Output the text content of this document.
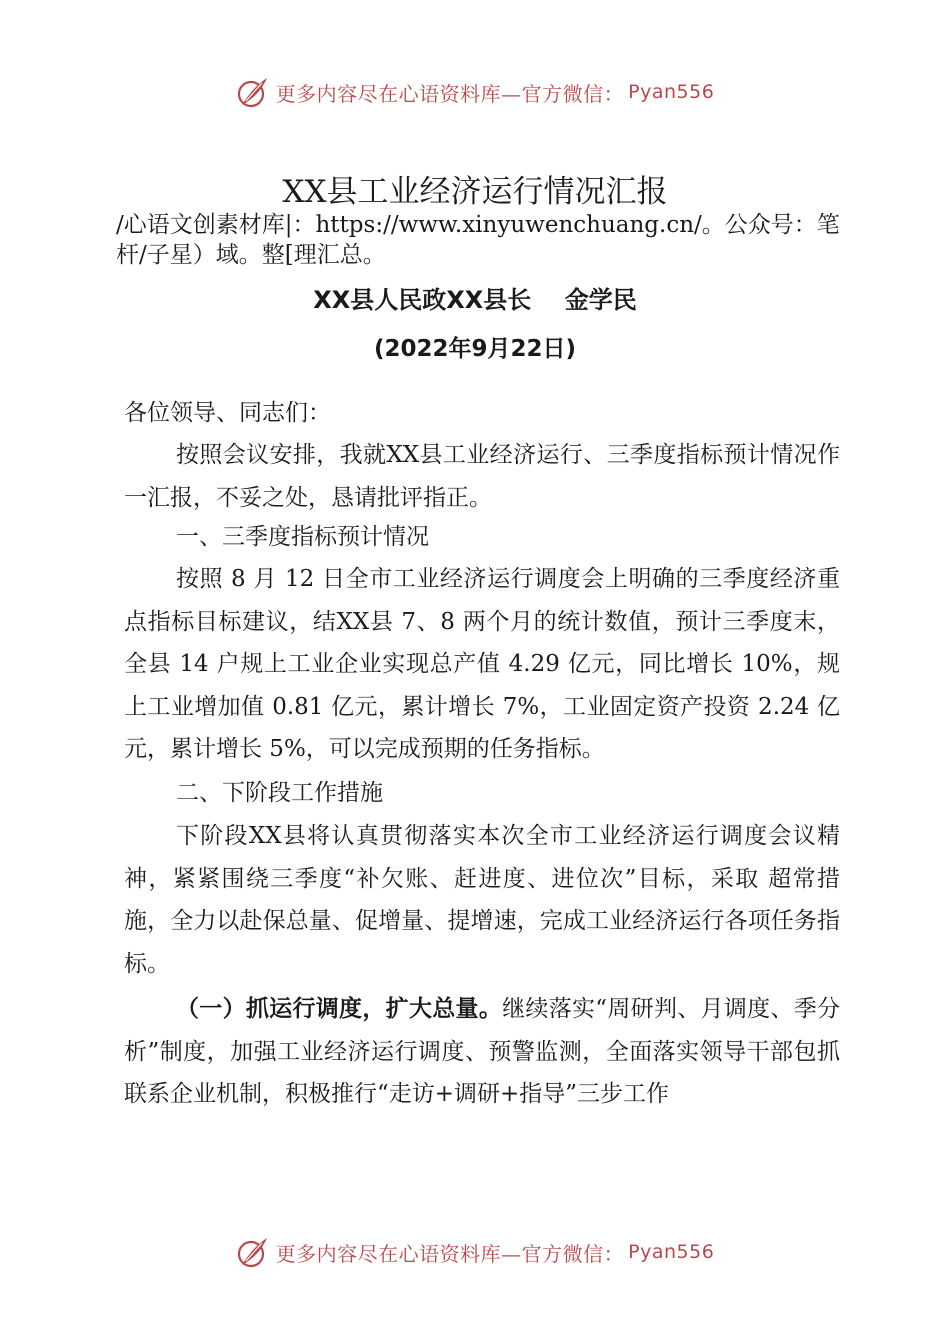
更多内容尽在心语资料库—官方微信： Pyan556
XX县工业经济运行情况汇报
/心语文创素材库|：https://www.xinyuwenchuang.cn/。公众号：笔杆/子星）域。整[理汇总。
XX县人民政XX县长    金学民
(2022年9月22日)

各位领导、同志们：

按照会议安排，我就XX县工业经济运行、三季度指标预计情况作一汇报，不妥之处，恳请批评指正。

一、三季度指标预计情况

按照 8 月 12 日全市工业经济运行调度会上明确的三季度经济重点指标目标建议，结XX县 7、8 两个月的统计数值，预计三季度末，全县 14 户规上工业企业实现总产值 4.29 亿元，同比增长 10%，规上工业增加值 0.81 亿元，累计增长 7%，工业固定资产投资 2.24 亿元，累计增长 5%，可以完成预期的任务指标。

二、下阶段工作措施

下阶段XX县将认真贯彻落实本次全市工业经济运行调度会议精神，紧紧围绕三季度“补欠账、赶进度、进位次”目标，采取 超常措施，全力以赴保总量、促增量、提增速，完成工业经济运行各项任务指标。

（一）抓运行调度，扩大总量。继续落实“周研判、月调度、季分析”制度，加强工业经济运行调度、预警监测，全面落实领导干部包抓联系企业机制，积极推行“走访+调研+指导”三步工作

更多内容尽在心语资料库—官方微信： Pyan556
